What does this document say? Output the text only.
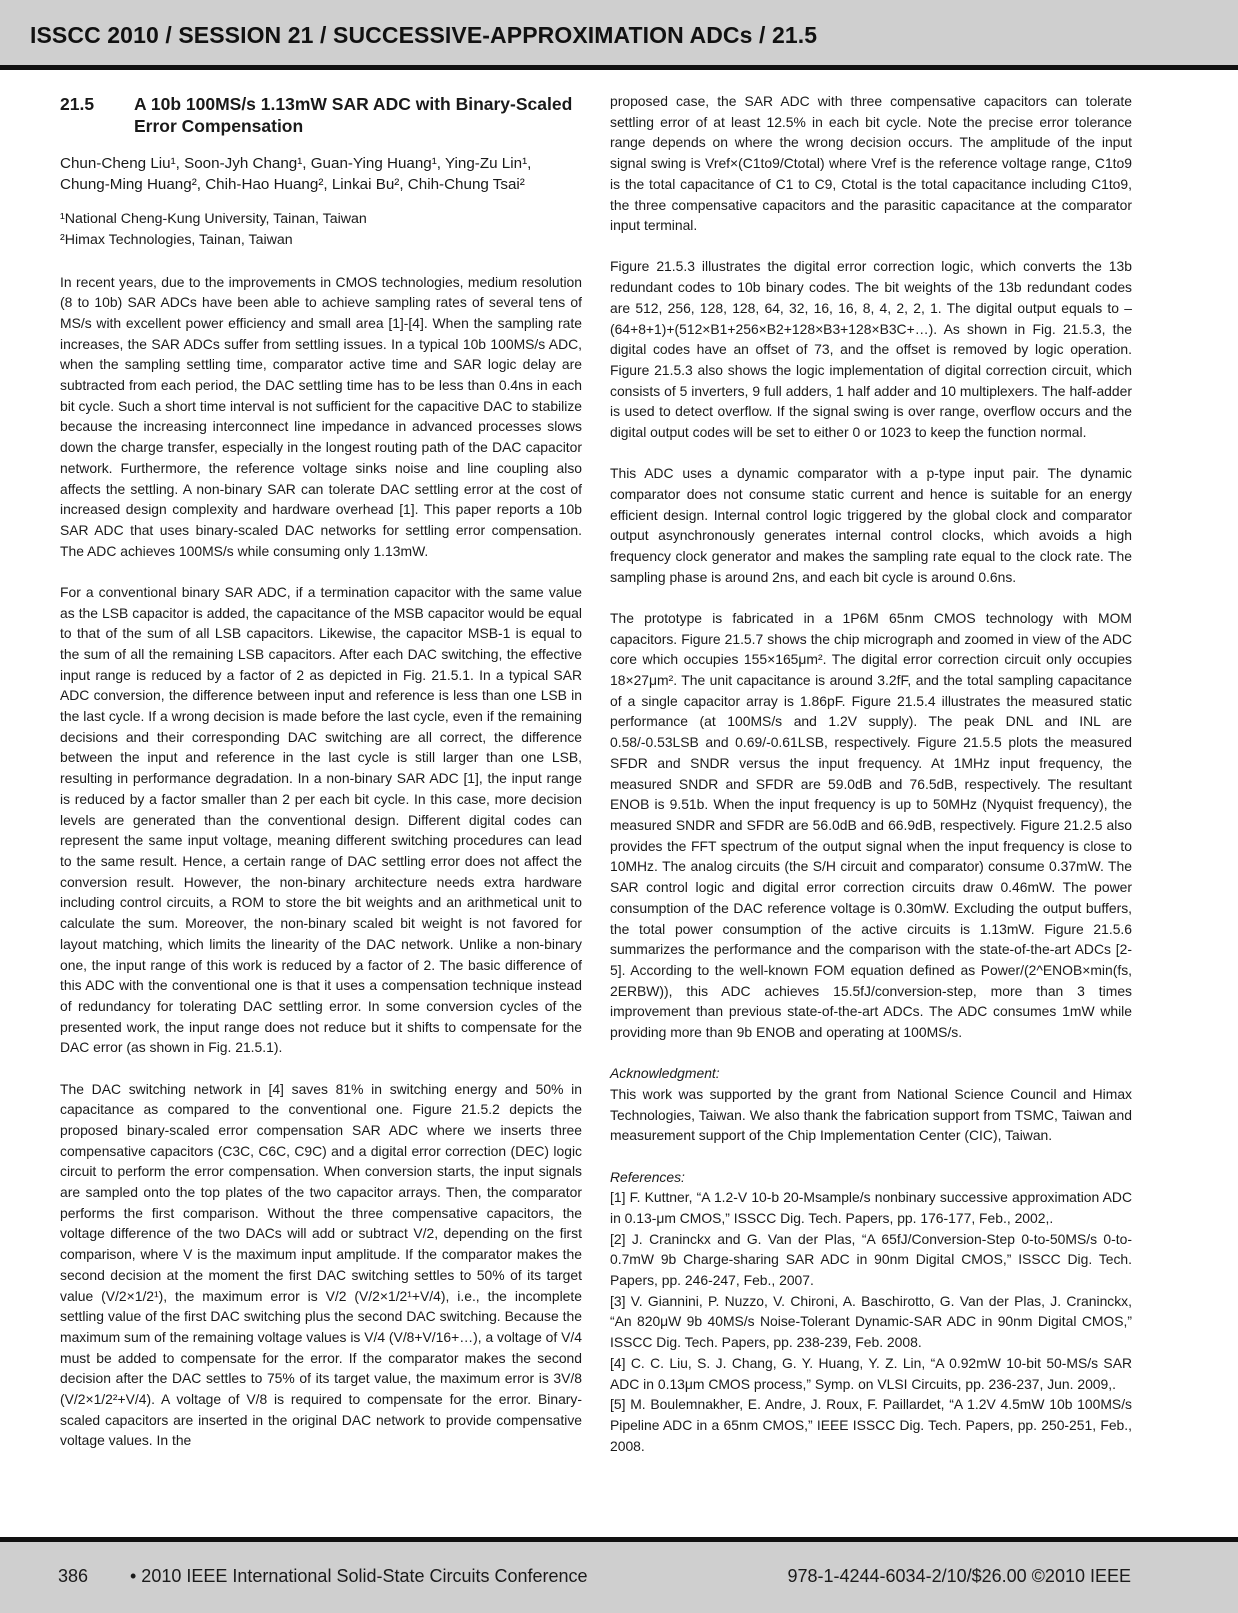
ISSCC 2010 / SESSION 21 / SUCCESSIVE-APPROXIMATION ADCs / 21.5
21.5	A 10b 100MS/s 1.13mW SAR ADC with Binary-Scaled Error Compensation
Chun-Cheng Liu¹, Soon-Jyh Chang¹, Guan-Ying Huang¹, Ying-Zu Lin¹,
Chung-Ming Huang², Chih-Hao Huang², Linkai Bu², Chih-Chung Tsai²
¹National Cheng-Kung University, Tainan, Taiwan
²Himax Technologies, Tainan, Taiwan

In recent years, due to the improvements in CMOS technologies, medium resolution (8 to 10b) SAR ADCs have been able to achieve sampling rates of several tens of MS/s with excellent power efficiency and small area [1]-[4]. When the sampling rate increases, the SAR ADCs suffer from settling issues. In a typical 10b 100MS/s ADC, when the sampling settling time, comparator active time and SAR logic delay are subtracted from each period, the DAC settling time has to be less than 0.4ns in each bit cycle. Such a short time interval is not sufficient for the capacitive DAC to stabilize because the increasing interconnect line impedance in advanced processes slows down the charge transfer, especially in the longest routing path of the DAC capacitor network. Furthermore, the reference voltage sinks noise and line coupling also affects the settling. A non-binary SAR can tolerate DAC settling error at the cost of increased design complexity and hardware overhead [1]. This paper reports a 10b SAR ADC that uses binary-scaled DAC networks for settling error compensation. The ADC achieves 100MS/s while consuming only 1.13mW.

For a conventional binary SAR ADC, if a termination capacitor with the same value as the LSB capacitor is added, the capacitance of the MSB capacitor would be equal to that of the sum of all LSB capacitors. Likewise, the capacitor MSB-1 is equal to the sum of all the remaining LSB capacitors. After each DAC switching, the effective input range is reduced by a factor of 2 as depicted in Fig. 21.5.1. In a typical SAR ADC conversion, the difference between input and reference is less than one LSB in the last cycle. If a wrong decision is made before the last cycle, even if the remaining decisions and their corresponding DAC switching are all correct, the difference between the input and reference in the last cycle is still larger than one LSB, resulting in performance degradation. In a non-binary SAR ADC [1], the input range is reduced by a factor smaller than 2 per each bit cycle. In this case, more decision levels are generated than the conventional design. Different digital codes can represent the same input voltage, meaning different switching procedures can lead to the same result. Hence, a certain range of DAC settling error does not affect the conversion result. However, the non-binary architecture needs extra hardware including control circuits, a ROM to store the bit weights and an arithmetical unit to calculate the sum. Moreover, the non-binary scaled bit weight is not favored for layout matching, which limits the linearity of the DAC network. Unlike a non-binary one, the input range of this work is reduced by a factor of 2. The basic difference of this ADC with the conventional one is that it uses a compensation technique instead of redundancy for tolerating DAC settling error. In some conversion cycles of the presented work, the input range does not reduce but it shifts to compensate for the DAC error (as shown in Fig. 21.5.1).

The DAC switching network in [4] saves 81% in switching energy and 50% in capacitance as compared to the conventional one. Figure 21.5.2 depicts the proposed binary-scaled error compensation SAR ADC where we inserts three compensative capacitors (C3C, C6C, C9C) and a digital error correction (DEC) logic circuit to perform the error compensation. When conversion starts, the input signals are sampled onto the top plates of the two capacitor arrays. Then, the comparator performs the first comparison. Without the three compensative capacitors, the voltage difference of the two DACs will add or subtract V/2, depending on the first comparison, where V is the maximum input amplitude. If the comparator makes the second decision at the moment the first DAC switching settles to 50% of its target value (V/2×1/2¹), the maximum error is V/2 (V/2×1/2¹+V/4), i.e., the incomplete settling value of the first DAC switching plus the second DAC switching. Because the maximum sum of the remaining voltage values is V/4 (V/8+V/16+…), a voltage of V/4 must be added to compensate for the error. If the comparator makes the second decision after the DAC settles to 75% of its target value, the maximum error is 3V/8 (V/2×1/2²+V/4). A voltage of V/8 is required to compensate for the error. Binary-scaled capacitors are inserted in the original DAC network to provide compensative voltage values. In the

proposed case, the SAR ADC with three compensative capacitors can tolerate settling error of at least 12.5% in each bit cycle. Note the precise error tolerance range depends on where the wrong decision occurs. The amplitude of the input signal swing is Vref×(C1to9/Ctotal) where Vref is the reference voltage range, C1to9 is the total capacitance of C1 to C9, Ctotal is the total capacitance including C1to9, the three compensative capacitors and the parasitic capacitance at the comparator input terminal.

Figure 21.5.3 illustrates the digital error correction logic, which converts the 13b redundant codes to 10b binary codes. The bit weights of the 13b redundant codes are 512, 256, 128, 128, 64, 32, 16, 16, 8, 4, 2, 2, 1. The digital output equals to –(64+8+1)+(512×B1+256×B2+128×B3+128×B3C+…). As shown in Fig. 21.5.3, the digital codes have an offset of 73, and the offset is removed by logic operation. Figure 21.5.3 also shows the logic implementation of digital correction circuit, which consists of 5 inverters, 9 full adders, 1 half adder and 10 multiplexers. The half-adder is used to detect overflow. If the signal swing is over range, overflow occurs and the digital output codes will be set to either 0 or 1023 to keep the function normal.

This ADC uses a dynamic comparator with a p-type input pair. The dynamic comparator does not consume static current and hence is suitable for an energy efficient design. Internal control logic triggered by the global clock and comparator output asynchronously generates internal control clocks, which avoids a high frequency clock generator and makes the sampling rate equal to the clock rate. The sampling phase is around 2ns, and each bit cycle is around 0.6ns.

The prototype is fabricated in a 1P6M 65nm CMOS technology with MOM capacitors. Figure 21.5.7 shows the chip micrograph and zoomed in view of the ADC core which occupies 155×165μm². The digital error correction circuit only occupies 18×27μm². The unit capacitance is around 3.2fF, and the total sampling capacitance of a single capacitor array is 1.86pF. Figure 21.5.4 illustrates the measured static performance (at 100MS/s and 1.2V supply). The peak DNL and INL are 0.58/-0.53LSB and 0.69/-0.61LSB, respectively. Figure 21.5.5 plots the measured SFDR and SNDR versus the input frequency. At 1MHz input frequency, the measured SNDR and SFDR are 59.0dB and 76.5dB, respectively. The resultant ENOB is 9.51b. When the input frequency is up to 50MHz (Nyquist frequency), the measured SNDR and SFDR are 56.0dB and 66.9dB, respectively. Figure 21.2.5 also provides the FFT spectrum of the output signal when the input frequency is close to 10MHz. The analog circuits (the S/H circuit and comparator) consume 0.37mW. The SAR control logic and digital error correction circuits draw 0.46mW. The power consumption of the DAC reference voltage is 0.30mW. Excluding the output buffers, the total power consumption of the active circuits is 1.13mW. Figure 21.5.6 summarizes the performance and the comparison with the state-of-the-art ADCs [2-5]. According to the well-known FOM equation defined as Power/(2^ENOB×min(fs, 2ERBW)), this ADC achieves 15.5fJ/conversion-step, more than 3 times improvement than previous state-of-the-art ADCs. The ADC consumes 1mW while providing more than 9b ENOB and operating at 100MS/s.

Acknowledgment:

This work was supported by the grant from National Science Council and Himax Technologies, Taiwan. We also thank the fabrication support from TSMC, Taiwan and measurement support of the Chip Implementation Center (CIC), Taiwan.

References:

[1] F. Kuttner, “A 1.2-V 10-b 20-Msample/s nonbinary successive approximation ADC in 0.13-μm CMOS,” ISSCC Dig. Tech. Papers, pp. 176-177, Feb., 2002,.

[2] J. Craninckx and G. Van der Plas, “A 65fJ/Conversion-Step 0-to-50MS/s 0-to-0.7mW 9b Charge-sharing SAR ADC in 90nm Digital CMOS,” ISSCC Dig. Tech. Papers, pp. 246-247, Feb., 2007.

[3] V. Giannini, P. Nuzzo, V. Chironi, A. Baschirotto, G. Van der Plas, J. Craninckx, “An 820μW 9b 40MS/s Noise-Tolerant Dynamic-SAR ADC in 90nm Digital CMOS,” ISSCC Dig. Tech. Papers, pp. 238-239, Feb. 2008.

[4] C. C. Liu, S. J. Chang, G. Y. Huang, Y. Z. Lin, “A 0.92mW 10-bit 50-MS/s SAR ADC in 0.13μm CMOS process,” Symp. on VLSI Circuits, pp. 236-237, Jun. 2009,.

[5] M. Boulemnakher, E. Andre, J. Roux, F. Paillardet, “A 1.2V 4.5mW 10b 100MS/s Pipeline ADC in a 65nm CMOS,” IEEE ISSCC Dig. Tech. Papers, pp. 250-251, Feb., 2008.

386 • 2010 IEEE International Solid-State Circuits Conference	978-1-4244-6034-2/10/$26.00 ©2010 IEEE
